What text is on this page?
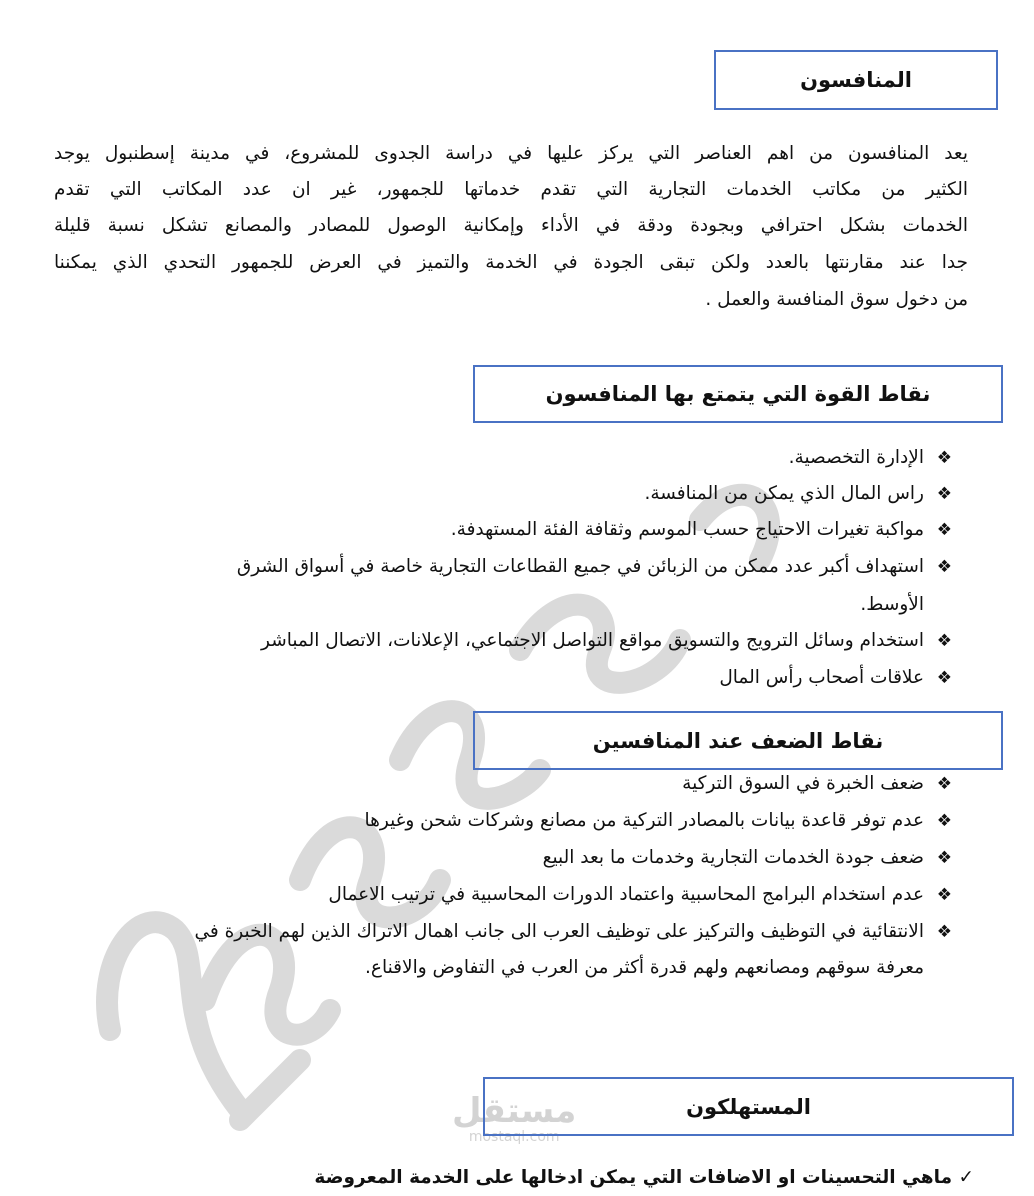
مستقل
mostaql.com
المنافسون
يعد المنافسون من اهم العناصر التي يركز عليها في دراسة الجدوى للمشروع، في مدينة إسطنبول يوجد
الكثير من مكاتب الخدمات التجارية التي تقدم خدماتها للجمهور، غير ان عدد المكاتب التي تقدم
الخدمات بشكل احترافي وبجودة ودقة في الأداء وإمكانية الوصول للمصادر والمصانع تشكل نسبة قليلة
جدا عند مقارنتها بالعدد ولكن تبقى الجودة في الخدمة والتميز في العرض للجمهور التحدي الذي يمكننا
من دخول سوق المنافسة والعمل .
نقاط القوة التي يتمتع بها المنافسون
❖
الإدارة التخصصية.
❖
راس المال الذي يمكن من المنافسة.
❖
مواكبة تغيرات الاحتياج حسب الموسم وثقافة الفئة المستهدفة.
❖
استهداف أكبر عدد ممكن من الزبائن في جميع القطاعات التجارية خاصة في أسواق الشرق
الأوسط.
❖
استخدام وسائل الترويج والتسويق مواقع التواصل الاجتماعي، الإعلانات، الاتصال المباشر
❖
علاقات أصحاب رأس المال
نقاط الضعف عند المنافسين
❖
ضعف الخبرة في السوق التركية
❖
عدم توفر قاعدة بيانات بالمصادر التركية من مصانع وشركات شحن وغيرها
❖
ضعف جودة الخدمات التجارية وخدمات ما بعد البيع
❖
عدم استخدام البرامج المحاسبية واعتماد الدورات المحاسبية في ترتيب الاعمال
❖
الانتقائية في التوظيف والتركيز على توظيف العرب الى جانب اهمال الاتراك الذين لهم الخبرة في
معرفة سوقهم ومصانعهم ولهم قدرة أكثر من العرب في التفاوض والاقناع.
المستهلكون
✓ ماهي التحسينات او الاضافات التي يمكن ادخالها على الخدمة المعروضة
